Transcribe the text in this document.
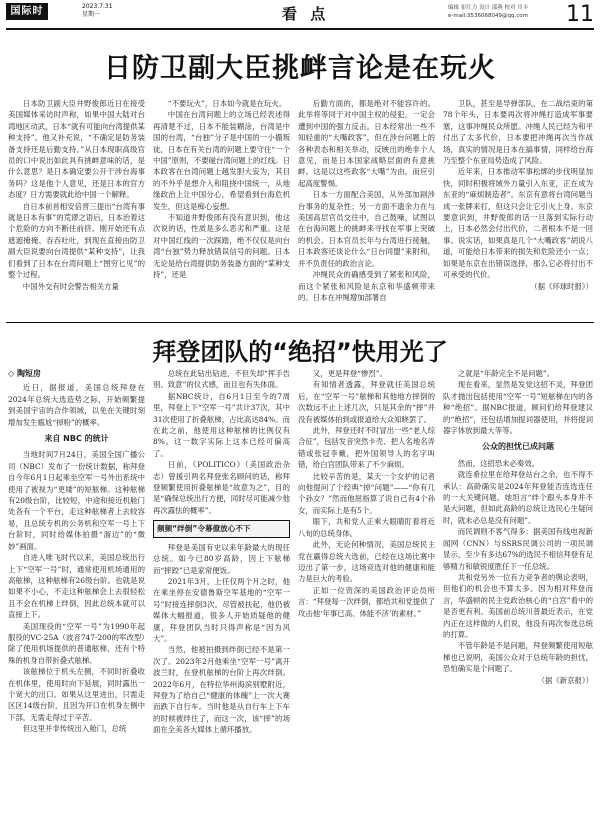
国际时	2023.7.31
星期一	看 点	编辑 崔红力 设计 邵燕 校对 川丰
e-mail:3536068049@qq.com 11
日防卫副大臣挑衅言论是在玩火

日本防卫副大臣井野俊郎近日在接受美国媒体采访时声称，如果中国大陆对台湾地区动武，日本“就有可能向台湾提供某种支持”。他又补充说，“不确定是防务装备支持还是后勤支持。”从日本现职高级官员的口中说出如此具有挑衅意味的话，是什么意思？是日本确定要公开干涉台海事务吗？这是他个人意见，还是日本的官方态度？日方需要就此给中国一个解释。

自日本前首相安倍晋三提出“台湾有事就是日本有事”的荒谬之语后，日本治着这个危险的方向不断往前挤。刚开始还有点遮遮掩掩、吞吞吐吐，到现在直接由防卫副大臣说要向台湾提供“某种支持”，让我们看到了日本在台湾问题上“图穷匕见”的整个过程。

中国外交有时会警告相关方量

“不要玩火”，日本如今就是在玩火。

中国在台湾问题上的立场已经表述得再清楚不过，日本不能装糊涂，台湾是中国的台湾，“台独”分子是中国的一小撮叛徒，日本在有关台湾的问题上要守住“一个中国”原则，不要碰台湾问题上的红线。日本政客在台湾问题上越发胆大妄为，其目的不外乎是想介入和阻挠中国统一，从地缘政治上让中国分心，希望看到台海危机发生，但这是痴心妄想。

不知道井野俊郎有没有意识到，他这次说的话，性质是多么恶劣和严重。这是对中国红线的一次踩踏，绝不仅仅是向台湾“台独”势力释放错误信号的问题。日本无论是给台湾提供防务装备方面的“某种支持”，还是

后勤方面的，都是绝对不能容许的。此举将等同于对中国主权的侵犯，一定会遭到中国的强力反击。日本经常出一些不知轻重的“大嘴政客”，但在涉台问题上的各种表态和相关举动，反映出的绝非个人意见，而是日本国家战略层面的有意挑衅。这是以这些政客“大嘴”为由，而应引起高度警惕。

日本一方面配合美国，从外部加剧涉台事务的复杂性；另一方面不遗余力在与美国高层官员交往中，自己鼓噪，试图以在台海问题上的挑衅来寻找在军事上突破的机会。日本官员长年与台湾进行接触，日本政客还谈论什么“日台同盟”来附和，并不负责任的政治言论。

冲绳民众的确感受到了紧张和风险，而这个紧张和风险是东京和华盛顿带来的。日本在冲绳增加部署自

卫队，甚至是导弹部队，在二战结束的第78个年头，日本要再次将冲绳打造成军事要塞，这事冲绳民众所愿。冲绳人民已经为和平付出了太多代价，日本要把冲绳再次当作战场，真实的情况是日本在搞事情，同样给台海乃至整个东亚局势造成了风险。

近年来，日本推动军事松绑的步伐明显加快，同时积极将域外力量引入东亚，正在成为东亚的“麻烦制造者”。东京有意将台湾问题当成一张牌来打，但这只会让它引火上身。东京要意识到，井野俊郎的话一旦落到实际行动上，日本必然会付出代价，二者根本不是一回事。说实话，如果真是几个“大嘴政客”胡说八道，可能给日本带来的损失和危险还小一点；如果是东京在出错误选择，那么它必将付出不可承受的代价。

（据《环球时报》）

拜登团队的“绝招”快用光了
◇ 陶短房

近日，据报道，美国总统拜登在2024年总统大选造势之际，开始频繁提到美国宇宙的合作领域，以免在关键时刻增加发生尴尬“掉粉”的概率。

来自 NBC 的统计

当地时间7月24日，美国全国广播公司（NBC）发布了一份统计数据，称拜登自今年6月1日起乘坐空军一号外出系统中使用了被视为“更矮”的短舷梯。这种舷梯有20级台阶，比较短，中途和接近机舱门处各有一个平台，走这种舷梯者上去较容易，且总统专机的公务机和空军一号上下台阶时，同时给媒体拍摄“溜边”的“微妙”画面。

自进入唯飞时代以来，美国总统出行上下“空军一号”时，通常使用机场通用的高舷梯，这种舷梯有26级台阶。也就是说如果不小心，不走这种舷梯会上去很轻松且不会在机梯上绊倒，因此总统本就可以直接上下。

美国现役的“空军一号”为1990年起服役的VC-25A（波音747-200的军改型）除了使用机场提供的普通舷梯，还有个特殊的机身自带折叠式舷梯。

该舷梯位于机头左侧，不同时折叠收在机体里，使用时向下延展，同时露出一个宽大的出口。如果从这里进出，只需走区区14级台阶，且因为开口在机身左侧中下部，无需走得过于辛苦。

但这里并非传统出入舱门，总统

总统在此钻出钻进，不但失却“挥手告别、致意”的仪式感，而且也有失体面。

据NBC统计，自6月1日至今的7周里，拜登上下“空军一号”共计37次，其中31次使用了折叠舷梯，占比高达84%。而在此之前，他使用这种舷梯的比例仅有8%。这一数字实际上这本已经可偏高了。

日前，《POLITICO》（美国政治杂志）曾援引两名拜登张名顾问的话，称拜登频繁使用折叠舷梯是“故意为之”，目的是“确保总统出行方便，同时尽可能减少他再次露怯的概率”。

频频“绊倒”令幕僚放心不下

拜登是美国有史以来年龄最大的现任总统。如今已80岁高龄，因上下舷梯而“摔跤”已是家常便饭。

2021年3月，上任仅两个月之时，他在乘坐停在安德鲁斯空军基地的“空军一号”时接连摔倒3次。尽管被扶起，他仍被媒体大幅报道，很多人开始质疑他的健康，拜登团队当时只得声称是“因为风大”。

当然，他被拍摄到绊倒已经不是第一次了。2023年2月他乘坐“空军一号”离开波兰时，在登机舷梯的台阶上再次绊倒。2022年6月，在特拉华州海滨别墅附近，拜登为了给自己“健康的体魄”上一次大赛而跌下自行车。当时他是从自行车上下车的时候被绊住了，而这一次，该“摔”的场面在全美各大媒体上循环播放。

又，更是拜登“惨烈”。

有知情者透露，拜登就任美国总统后，在“空军一号”舷梯和其他地方摔倒的次数远不止上述几次，只是其余的“摔”并没有被媒体拍到或报道给大众知晓罢了。

此外，拜登还时不时冒出一些“老人综合征”，包括发音突然卡壳、把人名地名弄错或张冠李戴，把外国领导人的名字叫错，给白宫团队带来了不少麻烦。

比较辛苦的是，某天一个女护的记者向他提问了个经典“掉“问题”——“你有几个孙女？”然而他屈指算了说自己有4个孙女，而实际上是有5个。

眼下，共和党人正乘大眼睛盯着将近八旬的总统身体。

此外，无论何种情况，美国总统民主党在赢得总统大选前，已经在这场比赛中迈出了第一步，这场竞选对他的健康和能力是巨大的考验。

正如一位资深的美国政治评论员所言：“拜登每一次绊倒，都给共和党提供了攻击他‘年事已高、体能不济’的素材。”

之就是“年龄完全不是问题”。

现在看来，显然是发觉这招不灵，拜登团队才抛出包括使用“空军一号”短舷梯在内的各种“绝招”。据NBC报道，顾问们给拜登建议的“绝招”，还包括增加提词器使用，并将提词器字体放到最大等等。

公众的担忧已成问题

然而，这招恐未必奏效。

就连希拉里在给拜登站台之余，也不得不承认：高龄确实是2024年拜登能否连选连任的一大关键问题。她坦言“绊个跟头本身并不是大问题，但如此高龄的总统让选民心生疑问时，就未必总是没有问题”。

而民调则不客气得多：据美国有线电视新闻网（CNN）与SSRS民调公司的一项民调显示，至少有多达67%的选民不相信拜登有足够精力和敏锐度胜任下一任总统。

共和党另外一位有力竞争者的舆论表明，但他们的机会也不算太多。因为相对拜登而言，华盛顿的民主党政治核心的“白宫”看中的是否更有利。美国前总统川普最近表示，在党内正在这样做的人们说，他没有再次参选总统的打算。

不管年龄是不是问题，拜登频繁使用短舷梯也已说明，美国公众对于总统年龄的担忧，恐怕确实是个问题了。

（据《新京报》）
